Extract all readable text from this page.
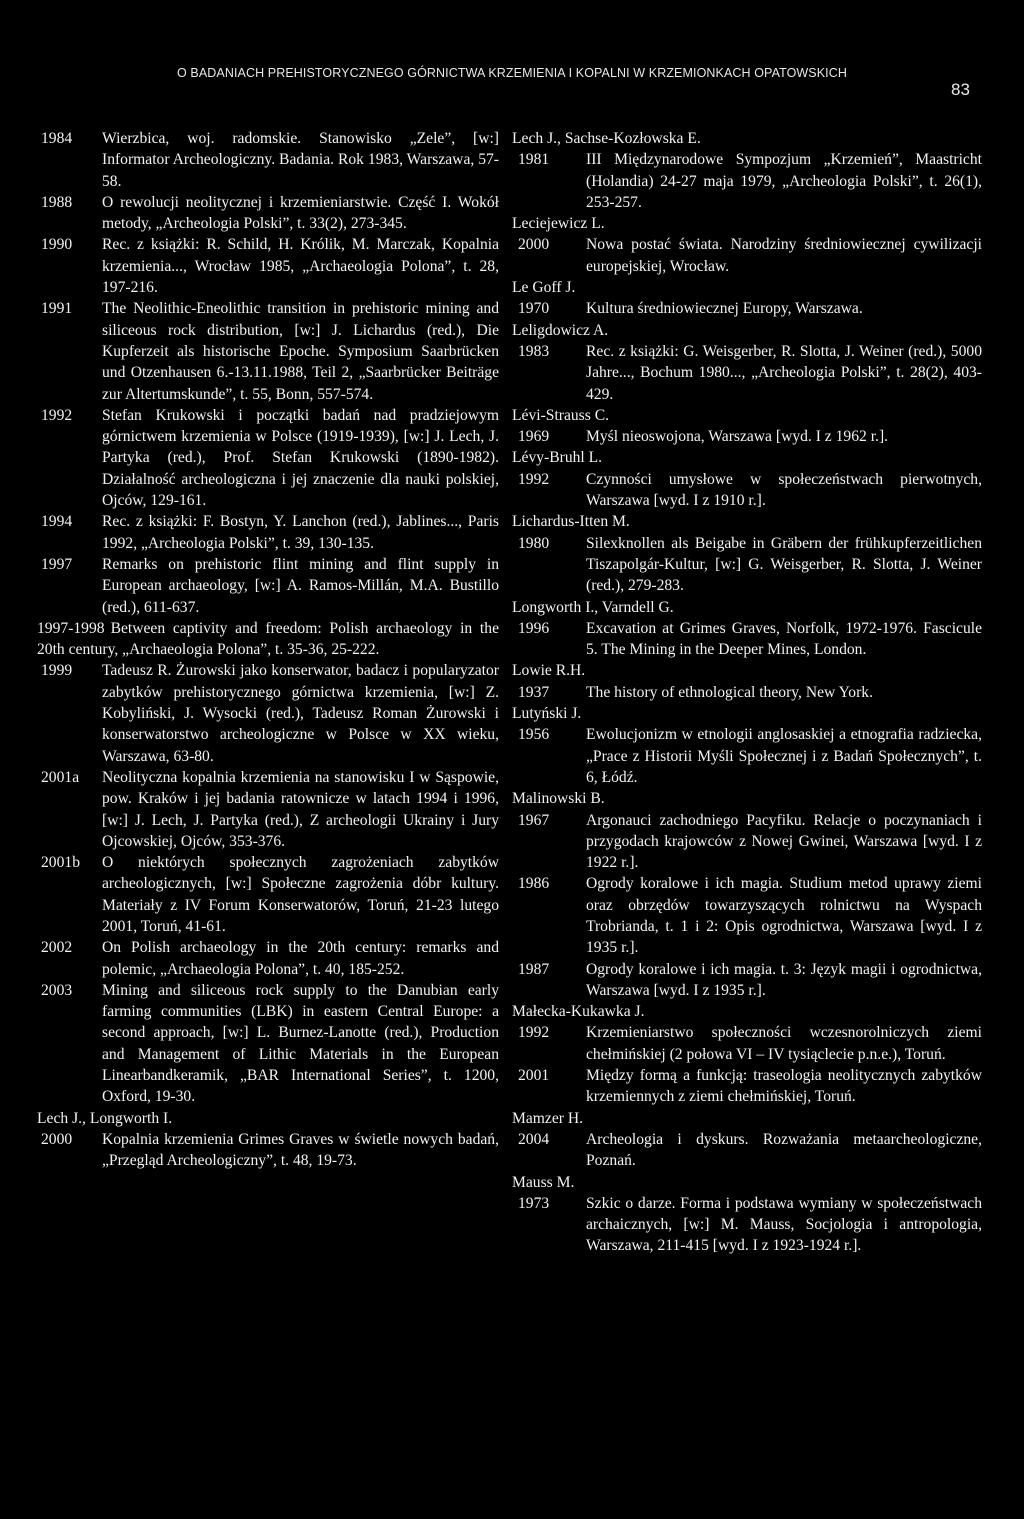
O BADANIACH PREHISTORYCZNEGO GÓRNICTWA KRZEMIENIA I KOPALNI W KRZEMIONKACH OPATOWSKICH
83
1984 Wierzbica, woj. radomskie. Stanowisko „Zele”, [w:] Informator Archeologiczny. Badania. Rok 1983, Warszawa, 57-58.
1988 O rewolucji neolitycznej i krzemieniarstwie. Część I. Wokół metody, „Archeologia Polski”, t. 33(2), 273-345.
1990 Rec. z książki: R. Schild, H. Królik, M. Marczak, Kopalnia krzemienia..., Wrocław 1985, „Archaeologia Polona”, t. 28, 197-216.
1991 The Neolithic-Eneolithic transition in prehistoric mining and siliceous rock distribution, [w:] J. Lichardus (red.), Die Kupferzeit als historische Epoche. Symposium Saarbrücken und Otzenhausen 6.-13.11.1988, Teil 2, „Saarbrücker Beiträge zur Altertumskunde”, t. 55, Bonn, 557-574.
1992 Stefan Krukowski i początki badań nad pradziejowym górnictwem krzemienia w Polsce (1919-1939), [w:] J. Lech, J. Partyka (red.), Prof. Stefan Krukowski (1890-1982). Działalność archeologiczna i jej znaczenie dla nauki polskiej, Ojców, 129-161.
1994 Rec. z książki: F. Bostyn, Y. Lanchon (red.), Jablines..., Paris 1992, „Archeologia Polski”, t. 39, 130-135.
1997 Remarks on prehistoric flint mining and flint supply in European archaeology, [w:] A. Ramos-Millán, M.A. Bustillo (red.), 611-637.
1997-1998 Between captivity and freedom: Polish archaeology in the 20th century, „Archaeologia Polona”, t. 35-36, 25-222.
1999 Tadeusz R. Żurowski jako konserwator, badacz i popularyzator zabytków prehistorycznego górnictwa krzemienia, [w:] Z. Kobyliński, J. Wysocki (red.), Tadeusz Roman Żurowski i konserwatorstwo archeologiczne w Polsce w XX wieku, Warszawa, 63-80.
2001a Neolityczna kopalnia krzemienia na stanowisku I w Sąspowie, pow. Kraków i jej badania ratownicze w latach 1994 i 1996, [w:] J. Lech, J. Partyka (red.), Z archeologii Ukrainy i Jury Ojcowskiej, Ojców, 353-376.
2001b O niektórych społecznych zagrożeniach zabytków archeologicznych, [w:] Społeczne zagrożenia dóbr kultury. Materiały z IV Forum Konserwatorów, Toruń, 21-23 lutego 2001, Toruń, 41-61.
2002 On Polish archaeology in the 20th century: remarks and polemic, „Archaeologia Polona”, t. 40, 185-252.
2003 Mining and siliceous rock supply to the Danubian early farming communities (LBK) in eastern Central Europe: a second approach, [w:] L. Burnez-Lanotte (red.), Production and Management of Lithic Materials in the European Linearbandkeramik, „BAR International Series”, t. 1200, Oxford, 19-30.
Lech J., Longworth I.
2000 Kopalnia krzemienia Grimes Graves w świetle nowych badań, „Przegląd Archeologiczny”, t. 48, 19-73.
Lech J., Sachse-Kozłowska E.
1981 III Międzynarodowe Sympozjum „Krzemień”, Maastricht (Holandia) 24-27 maja 1979, „Archeologia Polski”, t. 26(1), 253-257.
Leciejewicz L.
2000 Nowa postać świata. Narodziny średniowiecznej cywilizacji europejskiej, Wrocław.
Le Goff J.
1970 Kultura średniowiecznej Europy, Warszawa.
Leligdowicz A.
1983 Rec. z książki: G. Weisgerber, R. Slotta, J. Weiner (red.), 5000 Jahre..., Bochum 1980..., „Archeologia Polski”, t. 28(2), 403-429.
Lévi-Strauss C.
1969 Myśl nieoswojona, Warszawa [wyd. I z 1962 r.].
Lévy-Bruhl L.
1992 Czynności umysłowe w społeczeństwach pierwotnych, Warszawa [wyd. I z 1910 r.].
Lichardus-Itten M.
1980 Silexknollen als Beigabe in Gräbern der frühkupferzeitlichen Tiszapolgár-Kultur, [w:] G. Weisgerber, R. Slotta, J. Weiner (red.), 279-283.
Longworth I., Varndell G.
1996 Excavation at Grimes Graves, Norfolk, 1972-1976. Fascicule 5. The Mining in the Deeper Mines, London.
Lowie R.H.
1937 The history of ethnological theory, New York.
Lutyński J.
1956 Ewolucjonizm w etnologii anglosaskiej a etnografia radziecka, „Prace z Historii Myśli Społecznej i z Badań Społecznych”, t. 6, Łódź.
Malinowski B.
1967 Argonauci zachodniego Pacyfiku. Relacje o poczynaniach i przygodach krajowców z Nowej Gwinei, Warszawa [wyd. I z 1922 r.].
1986 Ogrody koralowe i ich magia. Studium metod uprawy ziemi oraz obrzędów towarzyszących rolnictwu na Wyspach Trobrianda, t. 1 i 2: Opis ogrodnictwa, Warszawa [wyd. I z 1935 r.].
1987 Ogrody koralowe i ich magia. t. 3: Język magii i ogrodnictwa, Warszawa [wyd. I z 1935 r.].
Małecka-Kukawka J.
1992 Krzemieniarstwo społeczności wczesnorolniczych ziemi chełmińskiej (2 połowa VI – IV tysiąclecie p.n.e.), Toruń.
2001 Między formą a funkcją: traseologia neolitycznych zabytków krzemiennych z ziemi chełmińskiej, Toruń.
Mamzer H.
2004 Archeologia i dyskurs. Rozważania metaarcheologiczne, Poznań.
Mauss M.
1973 Szkic o darze. Forma i podstawa wymiany w społeczeństwach archaicznych, [w:] M. Mauss, Socjologia i antropologia, Warszawa, 211-415 [wyd. I z 1923-1924 r.].
